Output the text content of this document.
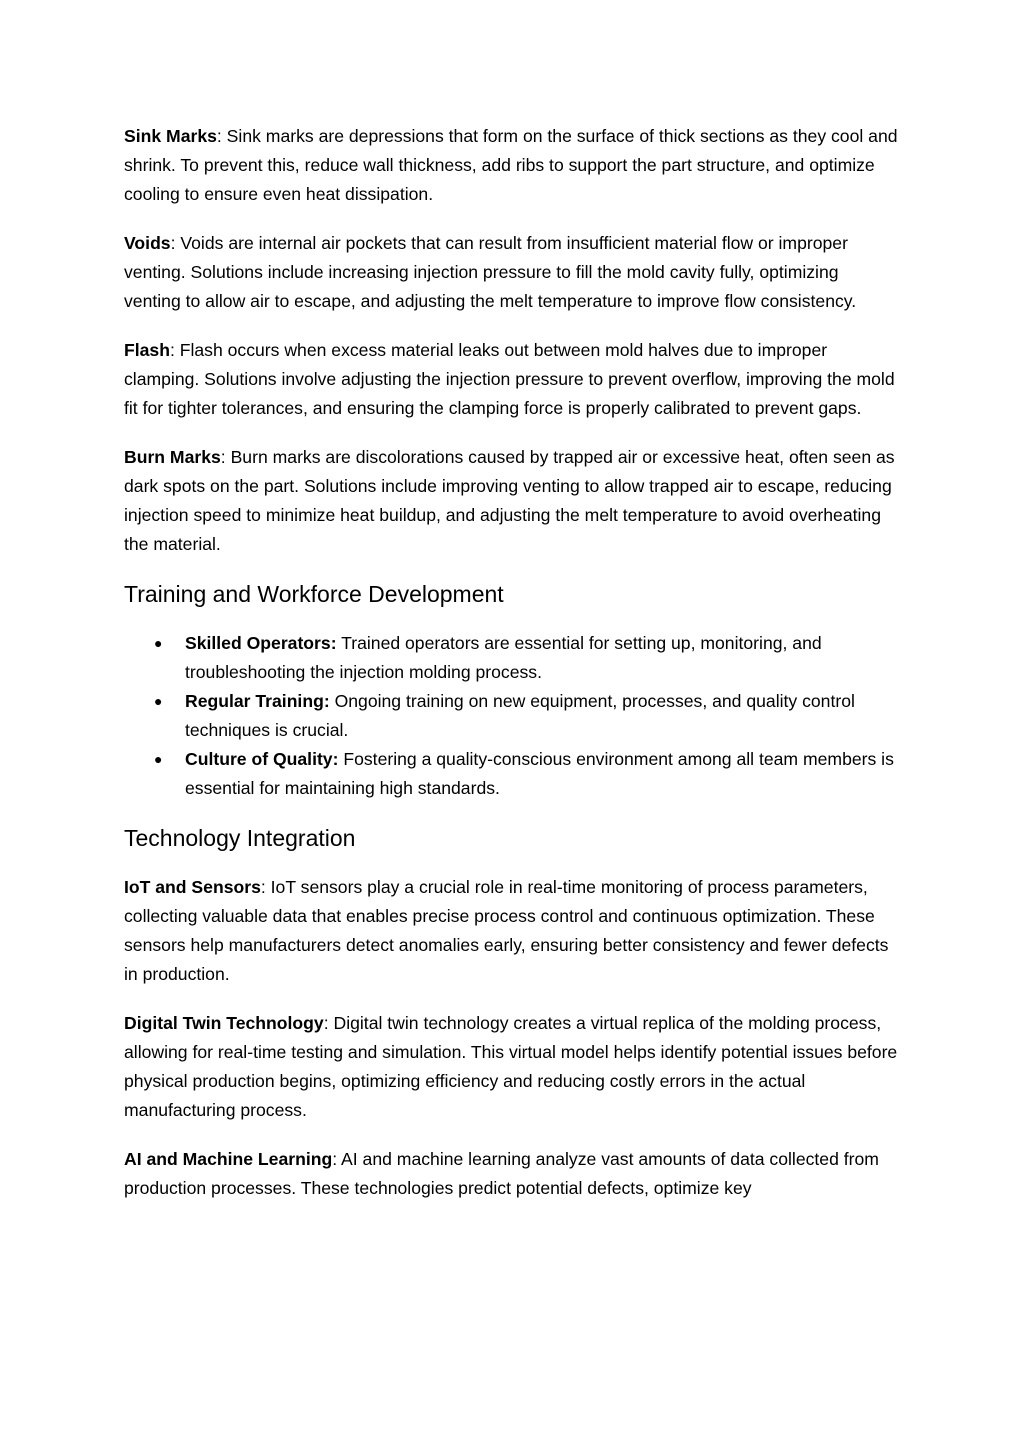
Sink Marks: Sink marks are depressions that form on the surface of thick sections as they cool and shrink. To prevent this, reduce wall thickness, add ribs to support the part structure, and optimize cooling to ensure even heat dissipation.

Voids: Voids are internal air pockets that can result from insufficient material flow or improper venting. Solutions include increasing injection pressure to fill the mold cavity fully, optimizing venting to allow air to escape, and adjusting the melt temperature to improve flow consistency.

Flash: Flash occurs when excess material leaks out between mold halves due to improper clamping. Solutions involve adjusting the injection pressure to prevent overflow, improving the mold fit for tighter tolerances, and ensuring the clamping force is properly calibrated to prevent gaps.

Burn Marks: Burn marks are discolorations caused by trapped air or excessive heat, often seen as dark spots on the part. Solutions include improving venting to allow trapped air to escape, reducing injection speed to minimize heat buildup, and adjusting the melt temperature to avoid overheating the material.

Training and Workforce Development
● Skilled Operators: Trained operators are essential for setting up, monitoring, and troubleshooting the injection molding process.
● Regular Training: Ongoing training on new equipment, processes, and quality control techniques is crucial.
● Culture of Quality: Fostering a quality-conscious environment among all team members is essential for maintaining high standards.
Technology Integration

IoT and Sensors: IoT sensors play a crucial role in real-time monitoring of process parameters, collecting valuable data that enables precise process control and continuous optimization. These sensors help manufacturers detect anomalies early, ensuring better consistency and fewer defects in production.

Digital Twin Technology: Digital twin technology creates a virtual replica of the molding process, allowing for real-time testing and simulation. This virtual model helps identify potential issues before physical production begins, optimizing efficiency and reducing costly errors in the actual manufacturing process.

AI and Machine Learning: AI and machine learning analyze vast amounts of data collected from production processes. These technologies predict potential defects, optimize key
